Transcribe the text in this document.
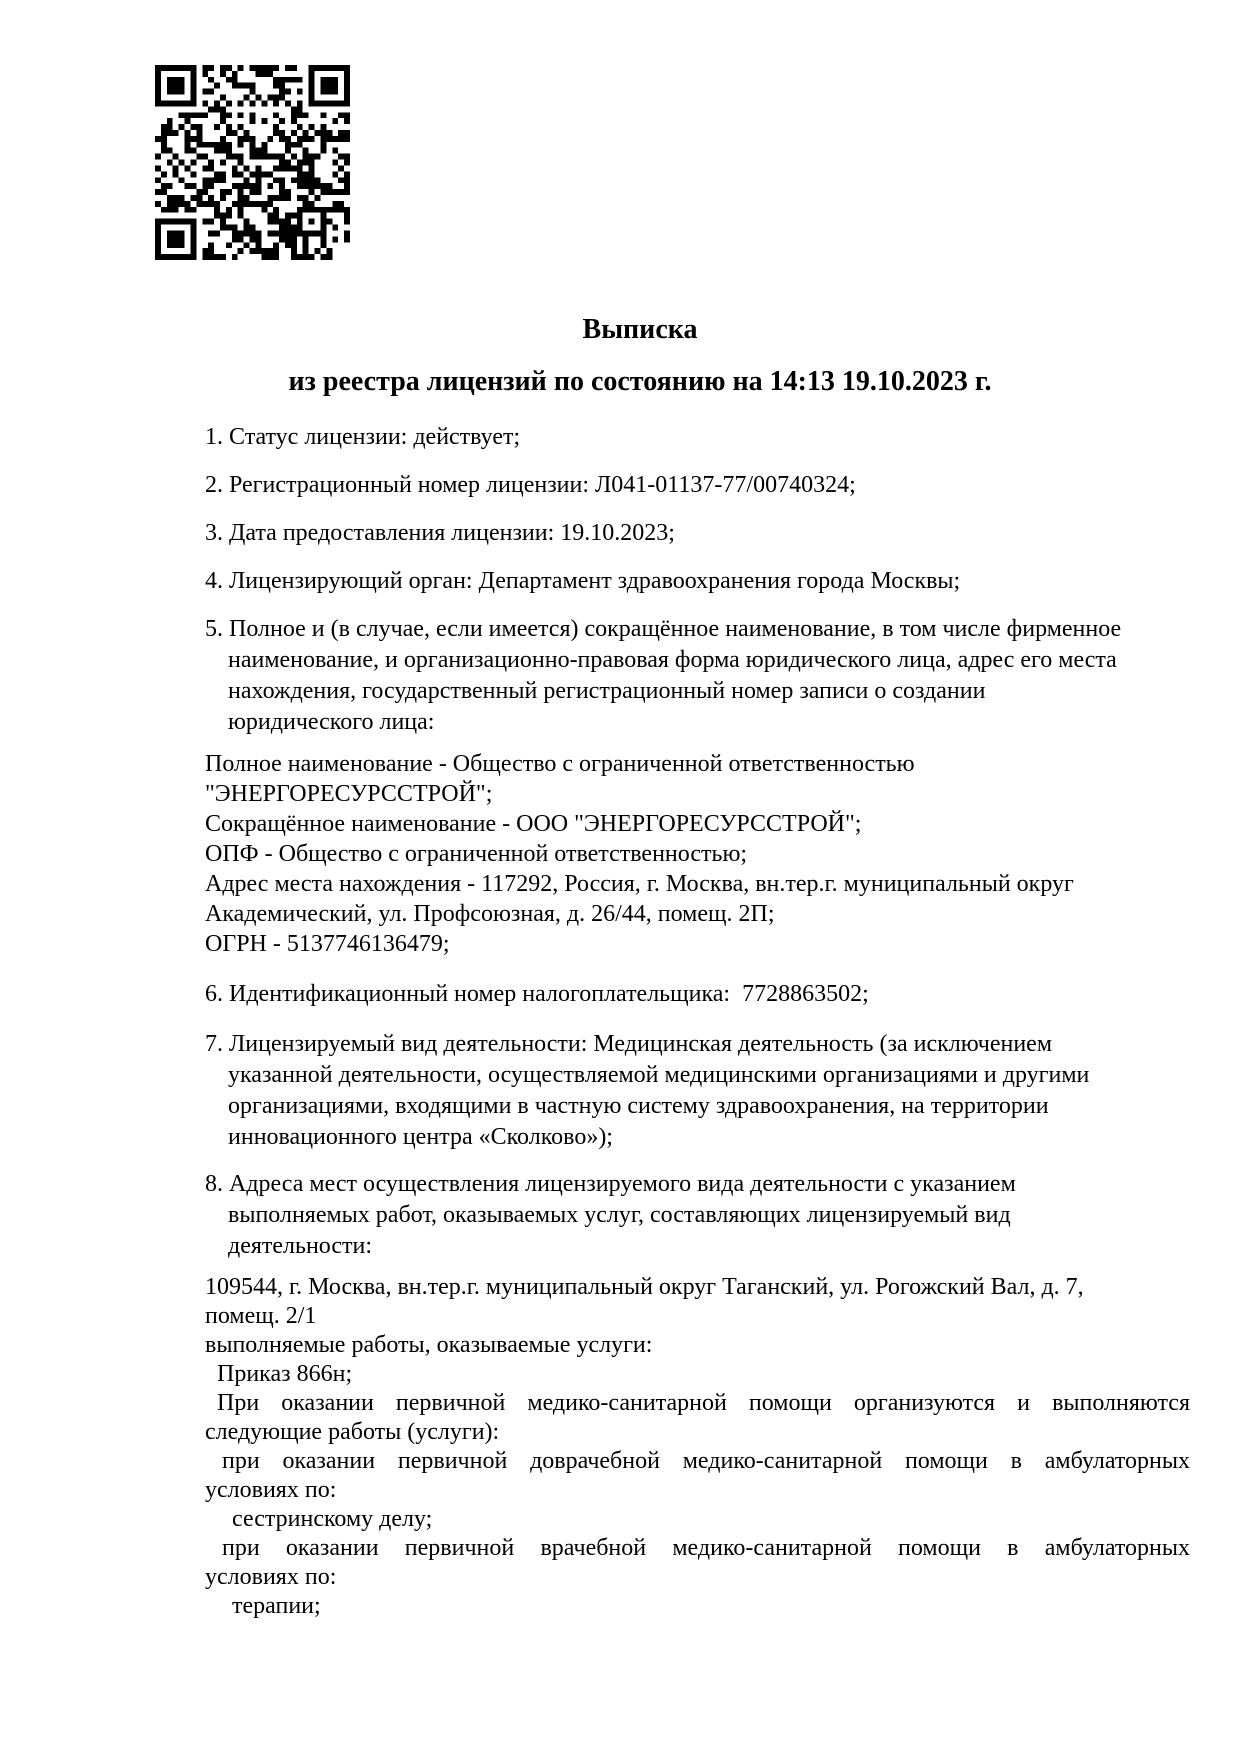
Выписка
из реестра лицензий по состоянию на 14:13 19.10.2023 г.
1. Статус лицензии: действует;
2. Регистрационный номер лицензии: Л041-01137-77/00740324;
3. Дата предоставления лицензии: 19.10.2023;
4. Лицензирующий орган: Департамент здравоохранения города Москвы;
5. Полное и (в случае, если имеется) сокращённое наименование, в том числе фирменное
наименование, и организационно-правовая форма юридического лица, адрес его места
нахождения, государственный регистрационный номер записи о создании
юридического лица:
Полное наименование - Общество с ограниченной ответственностью
"ЭНЕРГОРЕСУРССТРОЙ";
Сокращённое наименование - ООО "ЭНЕРГОРЕСУРССТРОЙ";
ОПФ - Общество с ограниченной ответственностью;
Адрес места нахождения - 117292, Россия, г. Москва, вн.тер.г. муниципальный округ
Академический, ул. Профсоюзная, д. 26/44, помещ. 2П;
ОГРН - 5137746136479;
6. Идентификационный номер налогоплательщика:  7728863502;
7. Лицензируемый вид деятельности: Медицинская деятельность (за исключением
указанной деятельности, осуществляемой медицинскими организациями и другими
организациями, входящими в частную систему здравоохранения, на территории
инновационного центра «Сколково»);
8. Адреса мест осуществления лицензируемого вида деятельности с указанием
выполняемых работ, оказываемых услуг, составляющих лицензируемый вид
деятельности:
109544, г. Москва, вн.тер.г. муниципальный округ Таганский, ул. Рогожский Вал, д. 7,
помещ. 2/1
выполняемые работы, оказываемые услуги:
Приказ 866н;
При оказании первичной медико-санитарной помощи организуются и выполняются
следующие работы (услуги):
при оказании первичной доврачебной медико-санитарной помощи в амбулаторных
условиях по:
сестринскому делу;
при оказании первичной врачебной медико-санитарной помощи в амбулаторных
условиях по:
терапии;
